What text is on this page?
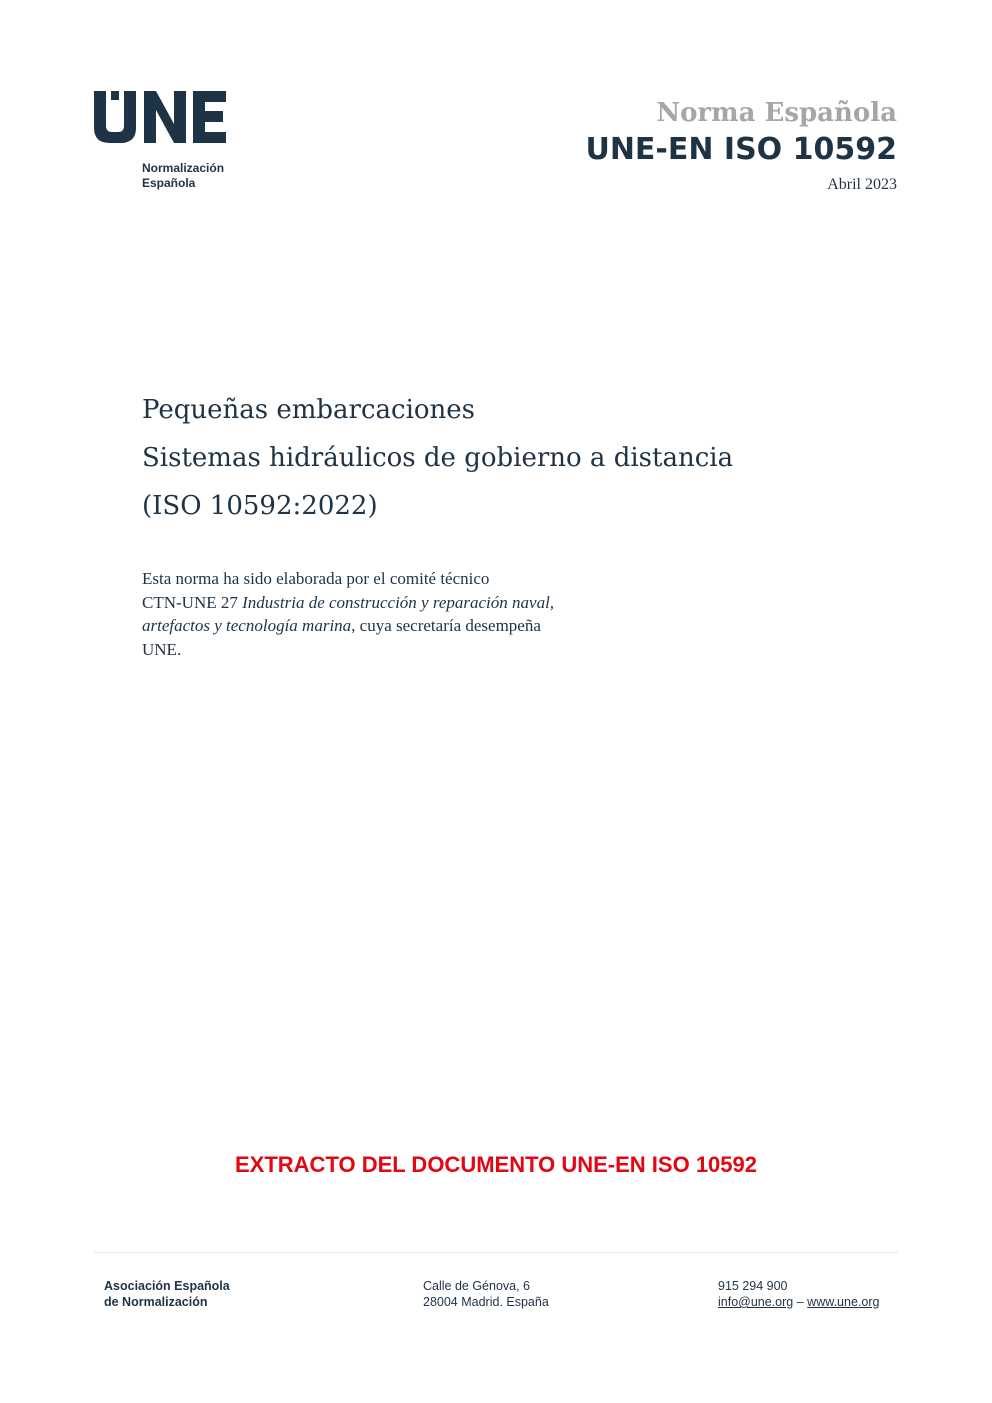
Normalización
Española
Norma Española
UNE-EN ISO 10592
Abril 2023
Pequeñas embarcaciones
Sistemas hidráulicos de gobierno a distancia
(ISO 10592:2022)
Esta norma ha sido elaborada por el comité técnico
CTN-UNE 27 Industria de construcción y reparación naval,
artefactos y tecnología marina, cuya secretaría desempeña
UNE.
EXTRACTO DEL DOCUMENTO UNE-EN ISO 10592
Asociación Española
de Normalización
Calle de Génova, 6
28004 Madrid. España
915 294 900
info@une.org – www.une.org
